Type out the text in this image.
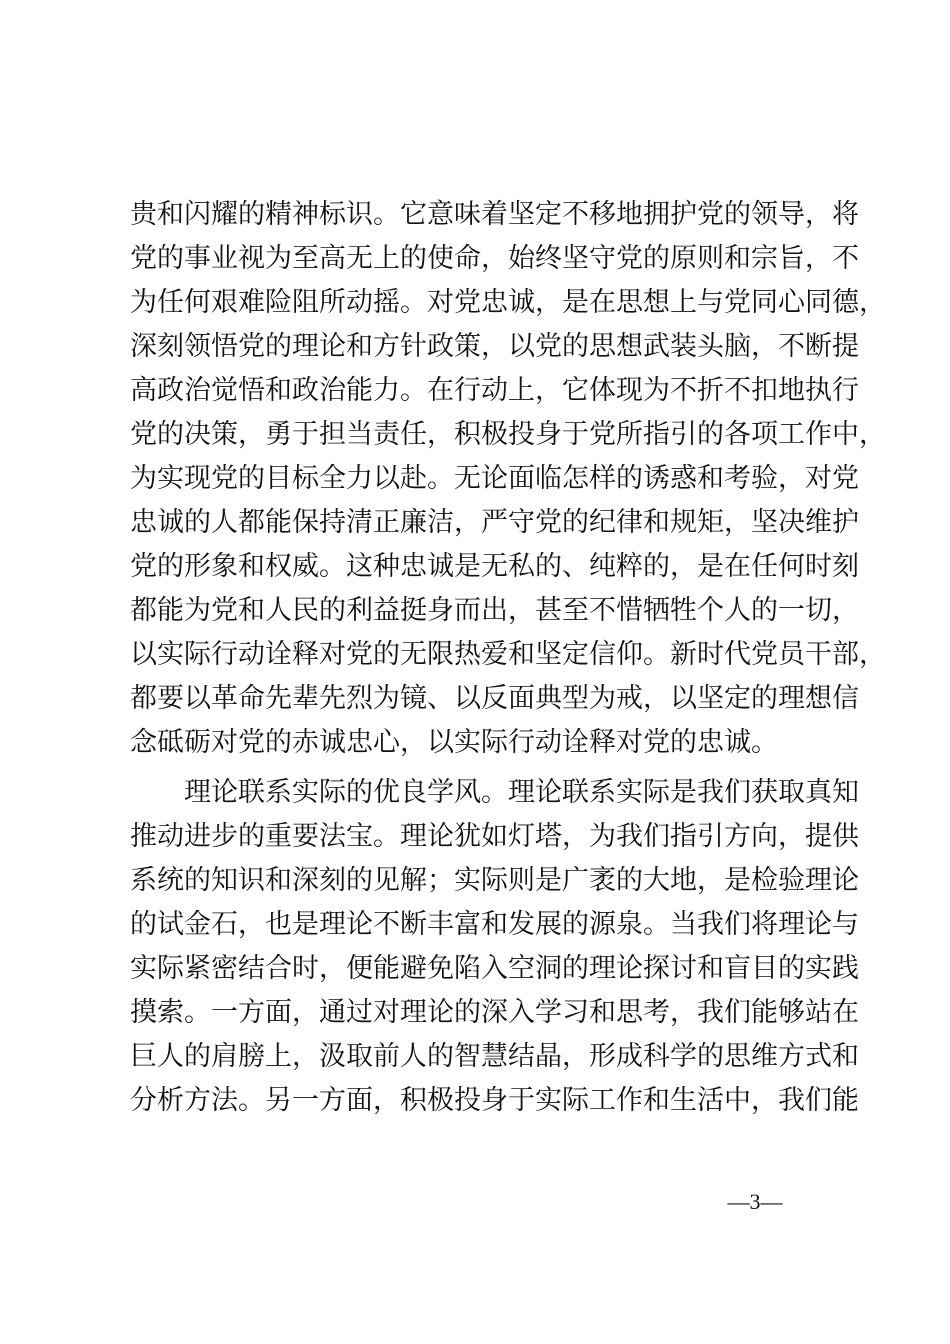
贵和闪耀的精神标识。它意味着坚定不移地拥护党的领导，将
党的事业视为至高无上的使命，始终坚守党的原则和宗旨，不
为任何艰难险阻所动摇。对党忠诚，是在思想上与党同心同德，
深刻领悟党的理论和方针政策，以党的思想武装头脑，不断提
高政治觉悟和政治能力。在行动上，它体现为不折不扣地执行
党的决策，勇于担当责任，积极投身于党所指引的各项工作中，
为实现党的目标全力以赴。无论面临怎样的诱惑和考验，对党
忠诚的人都能保持清正廉洁，严守党的纪律和规矩，坚决维护
党的形象和权威。这种忠诚是无私的、纯粹的，是在任何时刻
都能为党和人民的利益挺身而出，甚至不惜牺牲个人的一切，
以实际行动诠释对党的无限热爱和坚定信仰。新时代党员干部，
都要以革命先辈先烈为镜、以反面典型为戒，以坚定的理想信
念砥砺对党的赤诚忠心，以实际行动诠释对党的忠诚。
　　理论联系实际的优良学风。理论联系实际是我们获取真知
推动进步的重要法宝。理论犹如灯塔，为我们指引方向，提供
系统的知识和深刻的见解；实际则是广袤的大地，是检验理论
的试金石，也是理论不断丰富和发展的源泉。当我们将理论与
实际紧密结合时，便能避免陷入空洞的理论探讨和盲目的实践
摸索。一方面，通过对理论的深入学习和思考，我们能够站在
巨人的肩膀上，汲取前人的智慧结晶，形成科学的思维方式和
分析方法。另一方面，积极投身于实际工作和生活中，我们能
—3—
